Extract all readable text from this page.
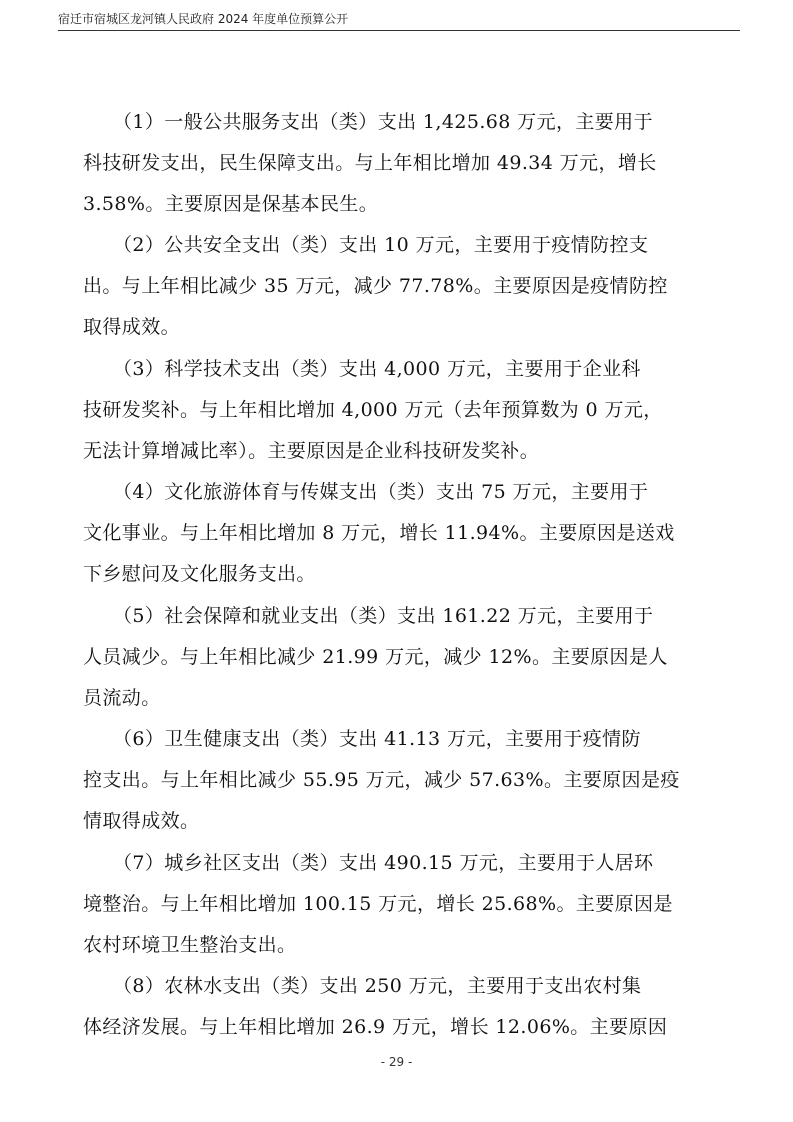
宿迁市宿城区龙河镇人民政府 2024 年度单位预算公开
（1）一般公共服务支出（类）支出 1,425.68 万元，主要用于
科技研发支出，民生保障支出。与上年相比增加 49.34 万元，增长
3.58%。主要原因是保基本民生。
（2）公共安全支出（类）支出 10 万元，主要用于疫情防控支
出。与上年相比减少 35 万元，减少 77.78%。主要原因是疫情防控
取得成效。
（3）科学技术支出（类）支出 4,000 万元，主要用于企业科
技研发奖补。与上年相比增加 4,000 万元（去年预算数为 0 万元，
无法计算增减比率）。主要原因是企业科技研发奖补。
（4）文化旅游体育与传媒支出（类）支出 75 万元，主要用于
文化事业。与上年相比增加 8 万元，增长 11.94%。主要原因是送戏
下乡慰问及文化服务支出。
（5）社会保障和就业支出（类）支出 161.22 万元，主要用于
人员减少。与上年相比减少 21.99 万元，减少 12%。主要原因是人
员流动。
（6）卫生健康支出（类）支出 41.13 万元，主要用于疫情防
控支出。与上年相比减少 55.95 万元，减少 57.63%。主要原因是疫
情取得成效。
（7）城乡社区支出（类）支出 490.15 万元，主要用于人居环
境整治。与上年相比增加 100.15 万元，增长 25.68%。主要原因是
农村环境卫生整治支出。
（8）农林水支出（类）支出 250 万元，主要用于支出农村集
体经济发展。与上年相比增加 26.9 万元，增长 12.06%。主要原因
- 29 -
